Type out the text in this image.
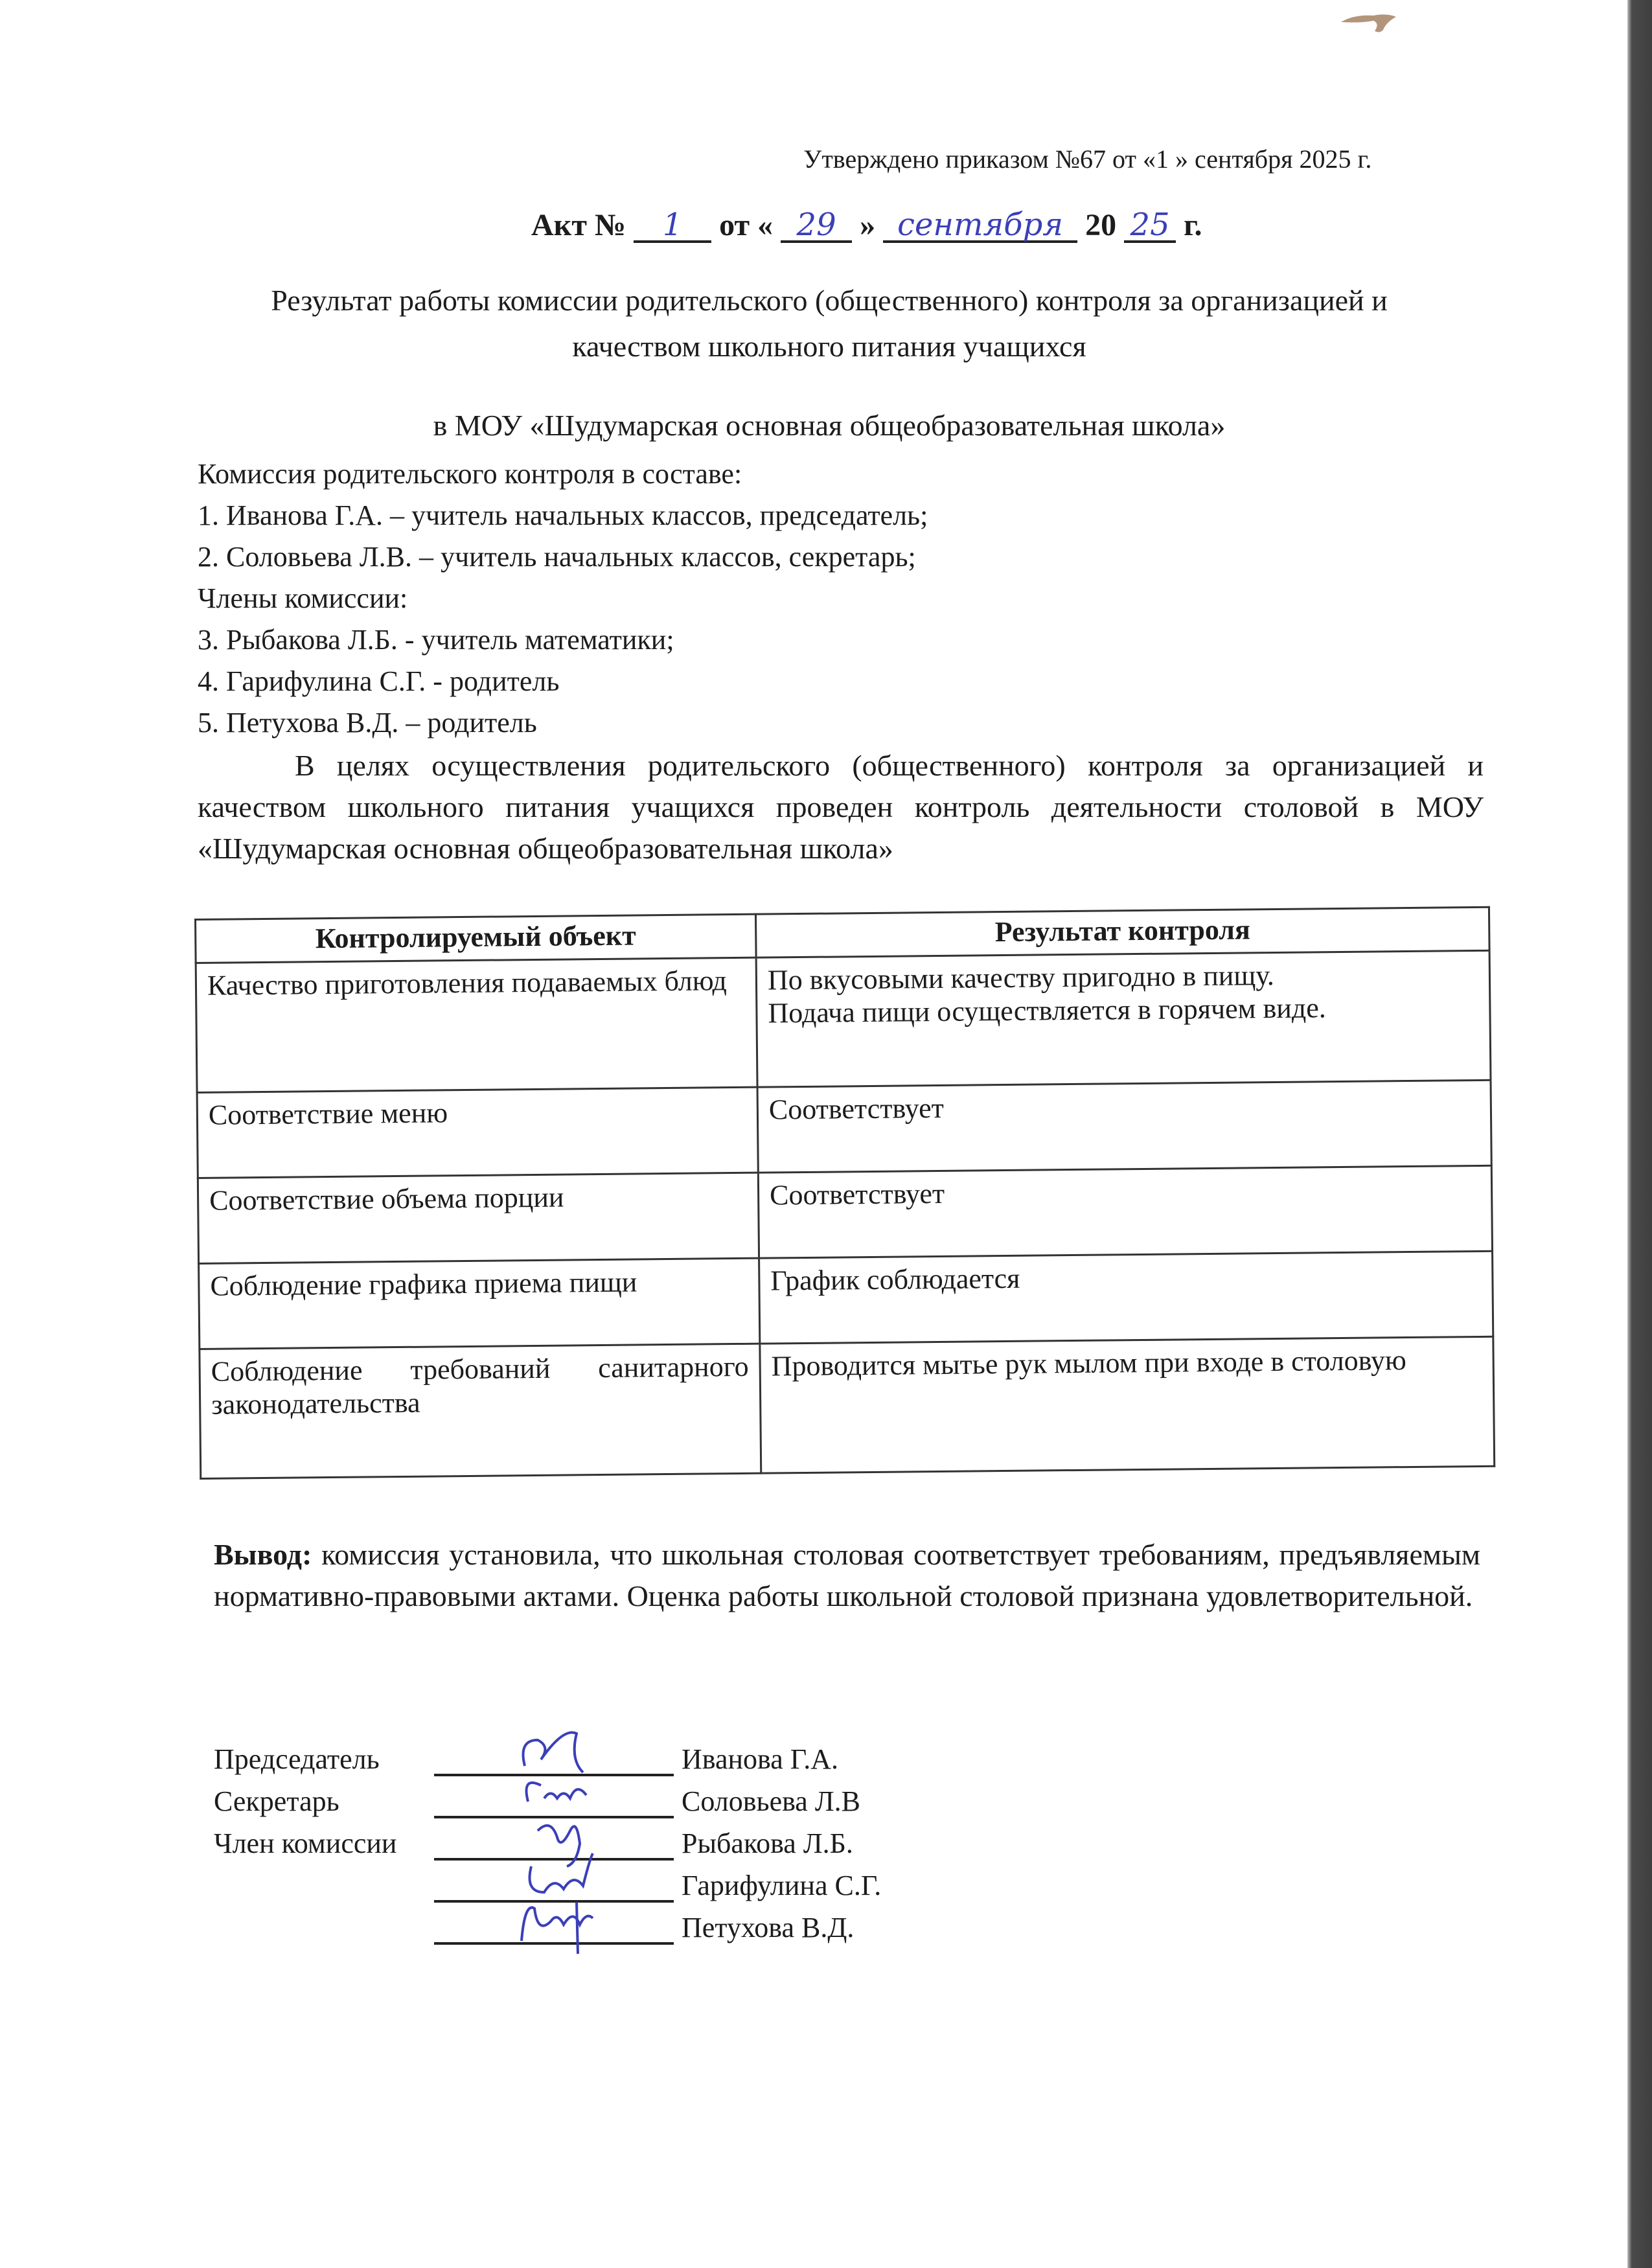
Утверждено приказом №67 от «1 » сентября 2025 г.
Акт № 1 от « 29 » сентября 20 25 г.
Результат работы комиссии родительского (общественного) контроля за организацией и
качеством школьного питания учащихся
в МОУ «Шудумарская основная общеобразовательная школа»
Комиссия родительского контроля в составе:
1. Иванова Г.А. – учитель начальных классов, председатель;
2. Соловьева Л.В. – учитель начальных классов, секретарь;
Члены комиссии:
3. Рыбакова Л.Б. - учитель математики;
4. Гарифулина С.Г. - родитель
5. Петухова В.Д. – родитель
В целях осуществления родительского (общественного) контроля за организацией и качеством школьного питания учащихся проведен контроль деятельности столовой в МОУ «Шудумарская основная общеобразовательная школа»
Контролируемый объект	Результат контроля
Качество приготовления подаваемых блюд	По вкусовыми качеству пригодно в пищу.
Подача пищи осуществляется в горячем виде.

Соответствие меню	Соответствует
Соответствие объема порции	Соответствует
Соблюдение графика приема пищи	График соблюдается
Соблюдение требований санитарного законодательства	Проводится мытье рук мылом при входе в столовую
Вывод: комиссия установила, что школьная столовая соответствует требованиям, предъявляемым нормативно-правовыми актами. Оценка работы школьной столовой признана удовлетворительной.
Председатель	Иванова Г.А.
Секретарь	Соловьева Л.В
Член комиссии	Рыбакова Л.Б.
Гарифулина С.Г.
Петухова В.Д.
